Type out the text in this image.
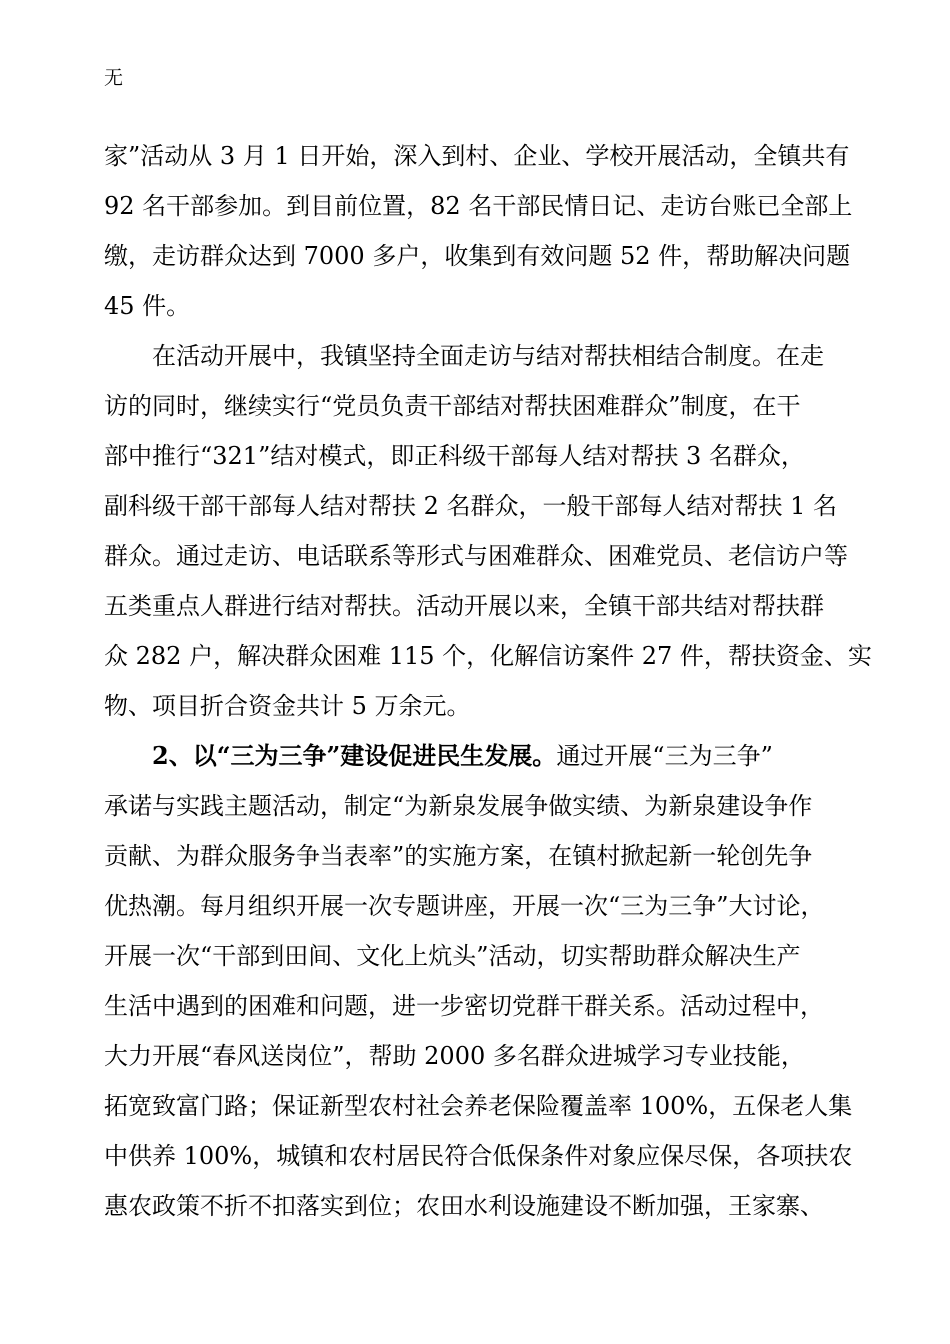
无

家”活动从 3 月 1 日开始，深入到村、企业、学校开展活动，全镇共有

92 名干部参加。到目前位置，82 名干部民情日记、走访台账已全部上

缴，走访群众达到 7000 多户，收集到有效问题 52 件，帮助解决问题

45 件。

在活动开展中，我镇坚持全面走访与结对帮扶相结合制度。在走

访的同时，继续实行“党员负责干部结对帮扶困难群众”制度，在干

部中推行“321”结对模式，即正科级干部每人结对帮扶 3 名群众，

副科级干部干部每人结对帮扶 2 名群众，一般干部每人结对帮扶 1 名

群众。通过走访、电话联系等形式与困难群众、困难党员、老信访户等

五类重点人群进行结对帮扶。活动开展以来，全镇干部共结对帮扶群

众 282 户，解决群众困难 115 个，化解信访案件 27 件，帮扶资金、实

物、项目折合资金共计 5 万余元。

2、以“三为三争”建设促进民生发展。通过开展“三为三争”

承诺与实践主题活动，制定“为新泉发展争做实绩、为新泉建设争作

贡献、为群众服务争当表率”的实施方案，在镇村掀起新一轮创先争

优热潮。每月组织开展一次专题讲座，开展一次“三为三争”大讨论，

开展一次“干部到田间、文化上炕头”活动，切实帮助群众解决生产

生活中遇到的困难和问题，进一步密切党群干群关系。活动过程中，

大力开展“春风送岗位”，帮助 2000 多名群众进城学习专业技能，

拓宽致富门路；保证新型农村社会养老保险覆盖率 100%，五保老人集

中供养 100%，城镇和农村居民符合低保条件对象应保尽保，各项扶农

惠农政策不折不扣落实到位；农田水利设施建设不断加强，王家寨、
